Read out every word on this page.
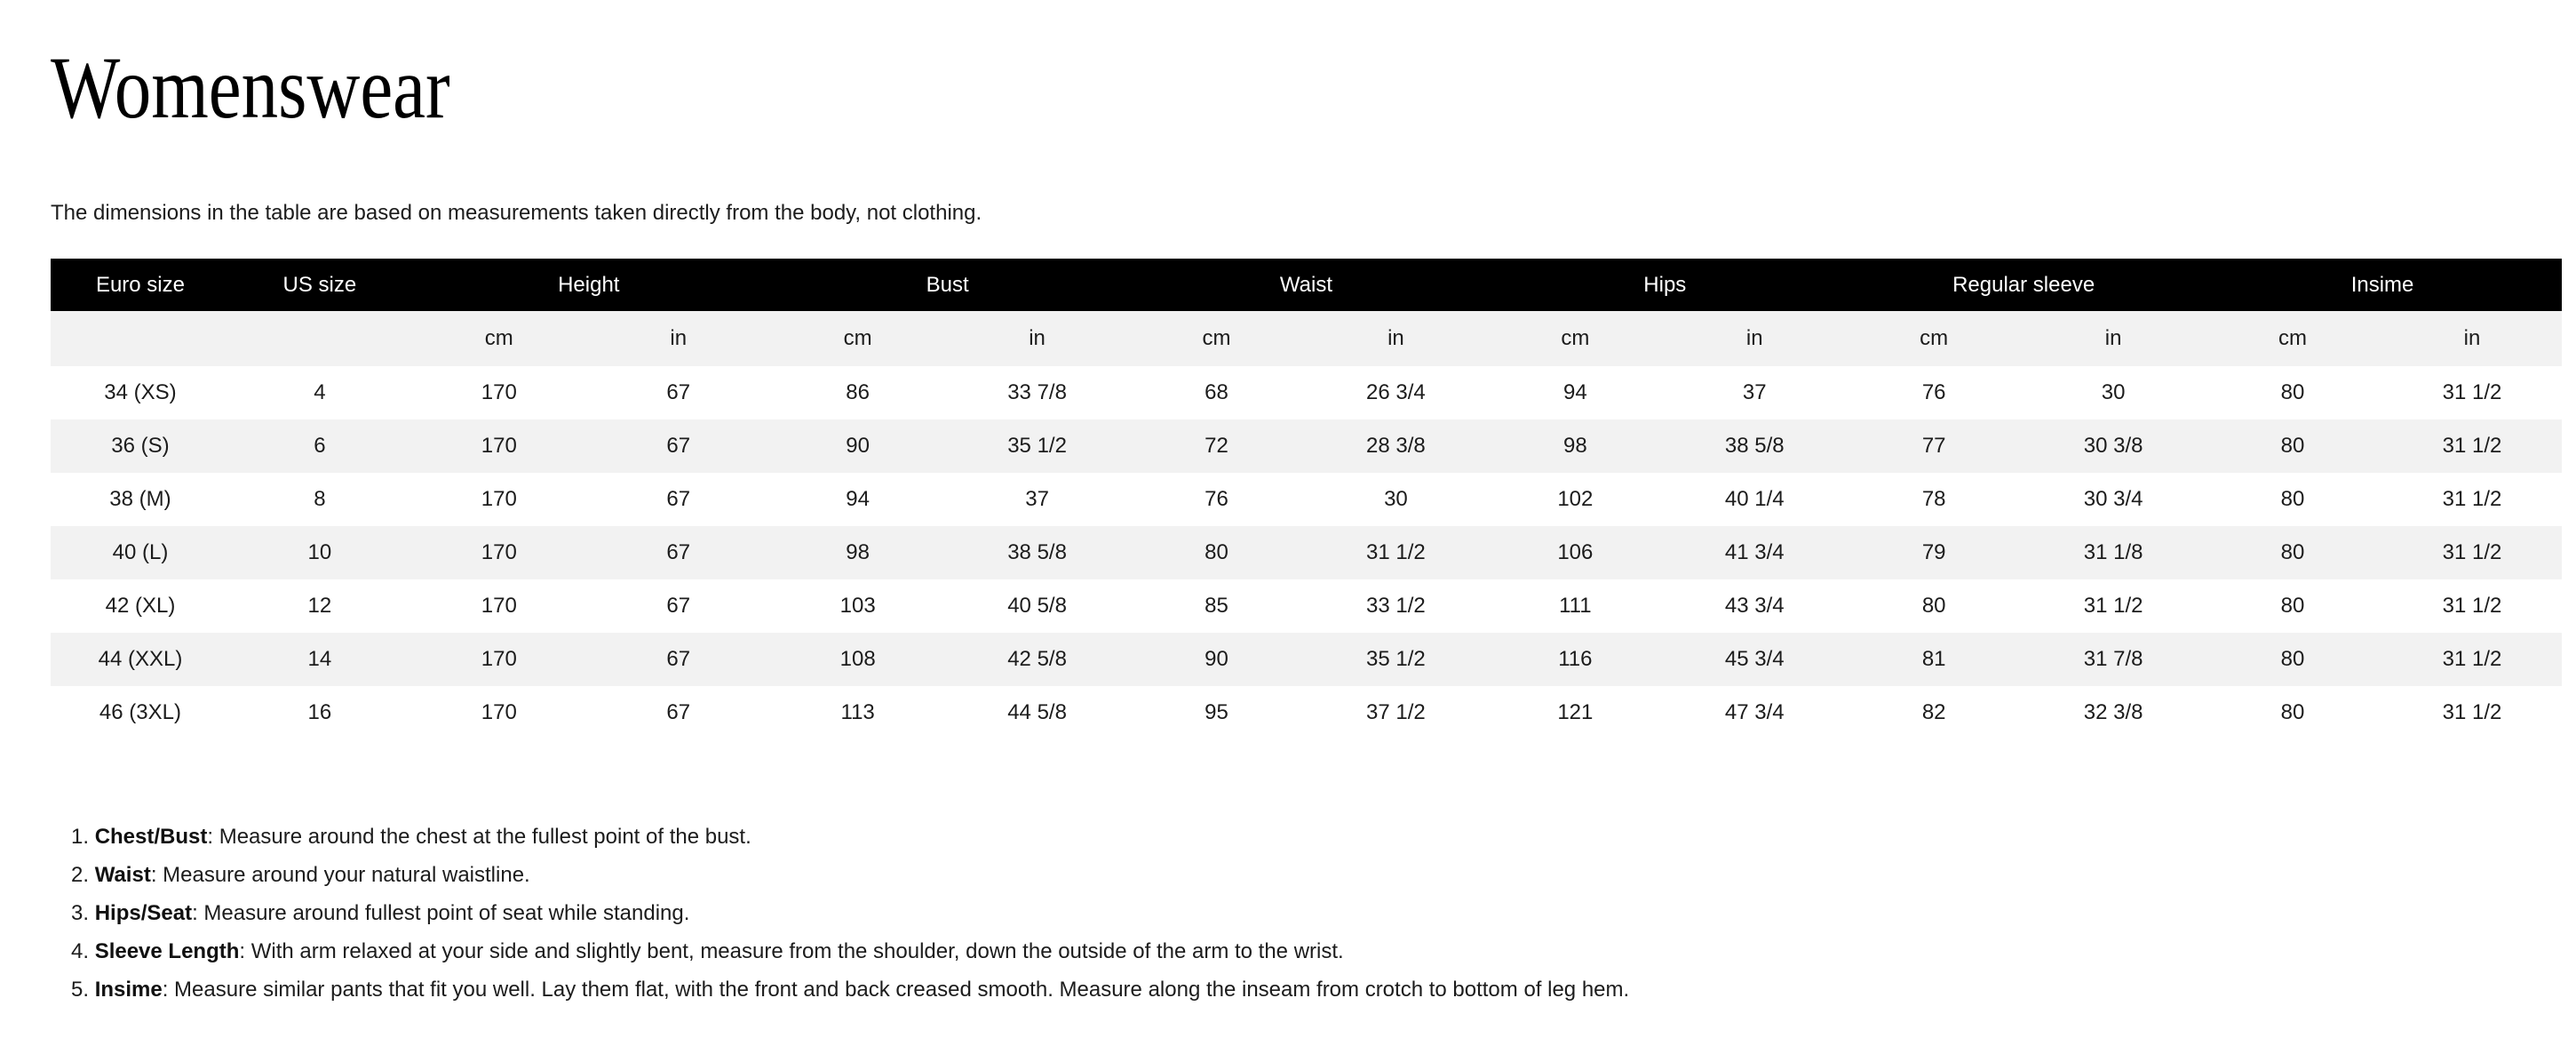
Womenswear

The dimensions in the table are based on measurements taken directly from the body, not clothing.

Euro size	US size	Height		Bust		Waist		Hips		Regular sleeve		Insime	
		cm	in	cm	in	cm	in	cm	in	cm	in	cm	in
34 (XS)	4	170	67	86	33 7/8	68	26 3/4	94	37	76	30	80	31 1/2
36 (S)	6	170	67	90	35 1/2	72	28 3/8	98	38 5/8	77	30 3/8	80	31 1/2
38 (M)	8	170	67	94	37	76	30	102	40 1/4	78	30 3/4	80	31 1/2
40 (L)	10	170	67	98	38 5/8	80	31 1/2	106	41 3/4	79	31 1/8	80	31 1/2
42 (XL)	12	170	67	103	40 5/8	85	33 1/2	111	43 3/4	80	31 1/2	80	31 1/2
44 (XXL)	14	170	67	108	42 5/8	90	35 1/2	116	45 3/4	81	31 7/8	80	31 1/2
46 (3XL)	16	170	67	113	44 5/8	95	37 1/2	121	47 3/4	82	32 3/8	80	31 1/2
1. Chest/Bust: Measure around the chest at the fullest point of the bust.
2. Waist: Measure around your natural waistline.
3. Hips/Seat: Measure around fullest point of seat while standing.
4. Sleeve Length: With arm relaxed at your side and slightly bent, measure from the shoulder, down the outside of the arm to the wrist.
5. Insime: Measure similar pants that fit you well. Lay them flat, with the front and back creased smooth. Measure along the inseam from crotch to bottom of leg hem.
